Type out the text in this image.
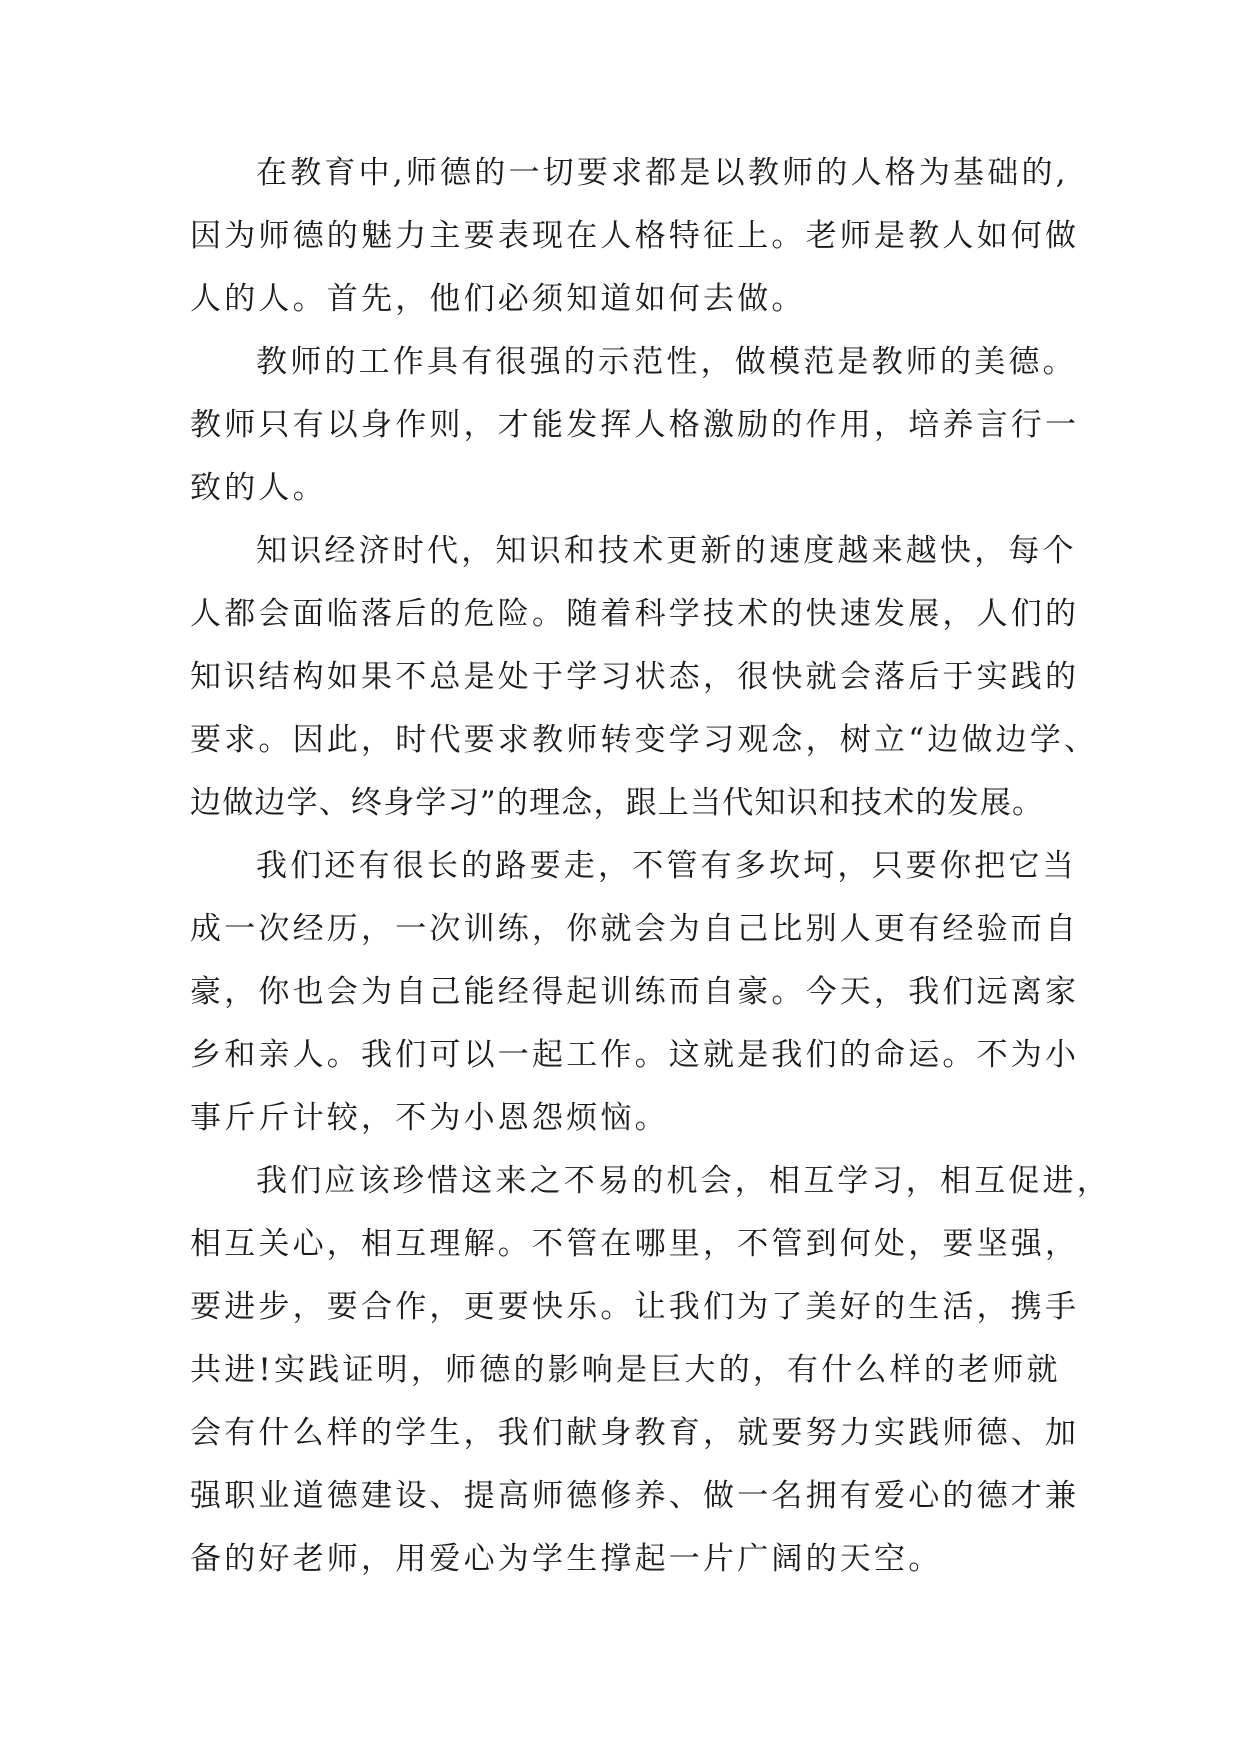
在教育中,师德的一切要求都是以教师的人格为基础的,
因为师德的魅力主要表现在人格特征上。老师是教人如何做
人的人。首先，他们必须知道如何去做。
教师的工作具有很强的示范性，做模范是教师的美德。
教师只有以身作则，才能发挥人格激励的作用，培养言行一
致的人。
知识经济时代，知识和技术更新的速度越来越快，每个
人都会面临落后的危险。随着科学技术的快速发展，人们的
知识结构如果不总是处于学习状态，很快就会落后于实践的
要求。因此，时代要求教师转变学习观念，树立“边做边学、
边做边学、终身学习”的理念，跟上当代知识和技术的发展。
我们还有很长的路要走，不管有多坎坷，只要你把它当
成一次经历，一次训练，你就会为自己比别人更有经验而自
豪，你也会为自己能经得起训练而自豪。今天，我们远离家
乡和亲人。我们可以一起工作。这就是我们的命运。不为小
事斤斤计较，不为小恩怨烦恼。
我们应该珍惜这来之不易的机会，相互学习，相互促进，
相互关心，相互理解。不管在哪里，不管到何处，要坚强，
要进步，要合作，更要快乐。让我们为了美好的生活，携手
共进!实践证明，师德的影响是巨大的，有什么样的老师就
会有什么样的学生，我们献身教育，就要努力实践师德、加
强职业道德建设、提高师德修养、做一名拥有爱心的德才兼
备的好老师，用爱心为学生撑起一片广阔的天空。
